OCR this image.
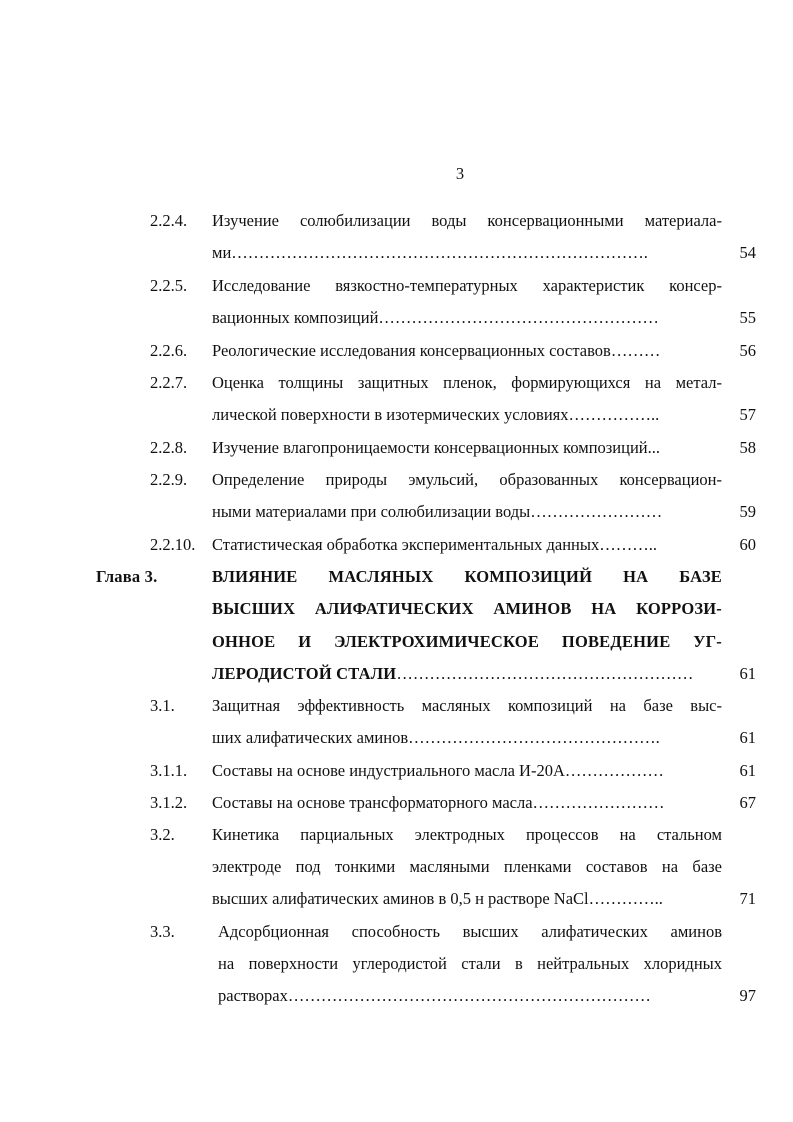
3
2.2.4. Изучение солюбилизации воды консервационными материала-
ми………………………………………………………………….	54
2.2.5. Исследование вязкостно-температурных характеристик консер-
вационных композиций……………………………………………	55
2.2.6. Реологические исследования консервационных составов………	56
2.2.7. Оценка толщины защитных пленок, формирующихся на метал-
лической поверхности в изотермических условиях……………..	57
2.2.8. Изучение влагопроницаемости консервационных композиций...	58
2.2.9. Определение природы эмульсий, образованных консервацион-
ными материалами при солюбилизации воды……………………	59
2.2.10. Статистическая обработка экспериментальных данных………..	60
Глава 3.	ВЛИЯНИЕ МАСЛЯНЫХ КОМПОЗИЦИЙ НА БАЗЕ
ВЫСШИХ АЛИФАТИЧЕСКИХ АМИНОВ НА КОРРОЗИ-
ОННОЕ И ЭЛЕКТРОХИМИЧЕСКОЕ ПОВЕДЕНИЕ УГ-
ЛЕРОДИСТОЙ СТАЛИ………………………………………………	61
3.1. Защитная эффективность масляных композиций на базе выс-
ших алифатических аминов……………………………………….	61
3.1.1. Составы на основе индустриального масла И-20А………………	61
3.1.2. Составы на основе трансформаторного масла……………………	67
3.2. Кинетика парциальных электродных процессов на стальном
электроде под тонкими масляными пленками составов на базе
высших алифатических аминов в 0,5 н растворе NaCl…………..	71
3.3.	Адсорбционная способность высших алифатических аминов
на поверхности углеродистой стали в нейтральных хлоридных
растворах…………………………………………………………	97
